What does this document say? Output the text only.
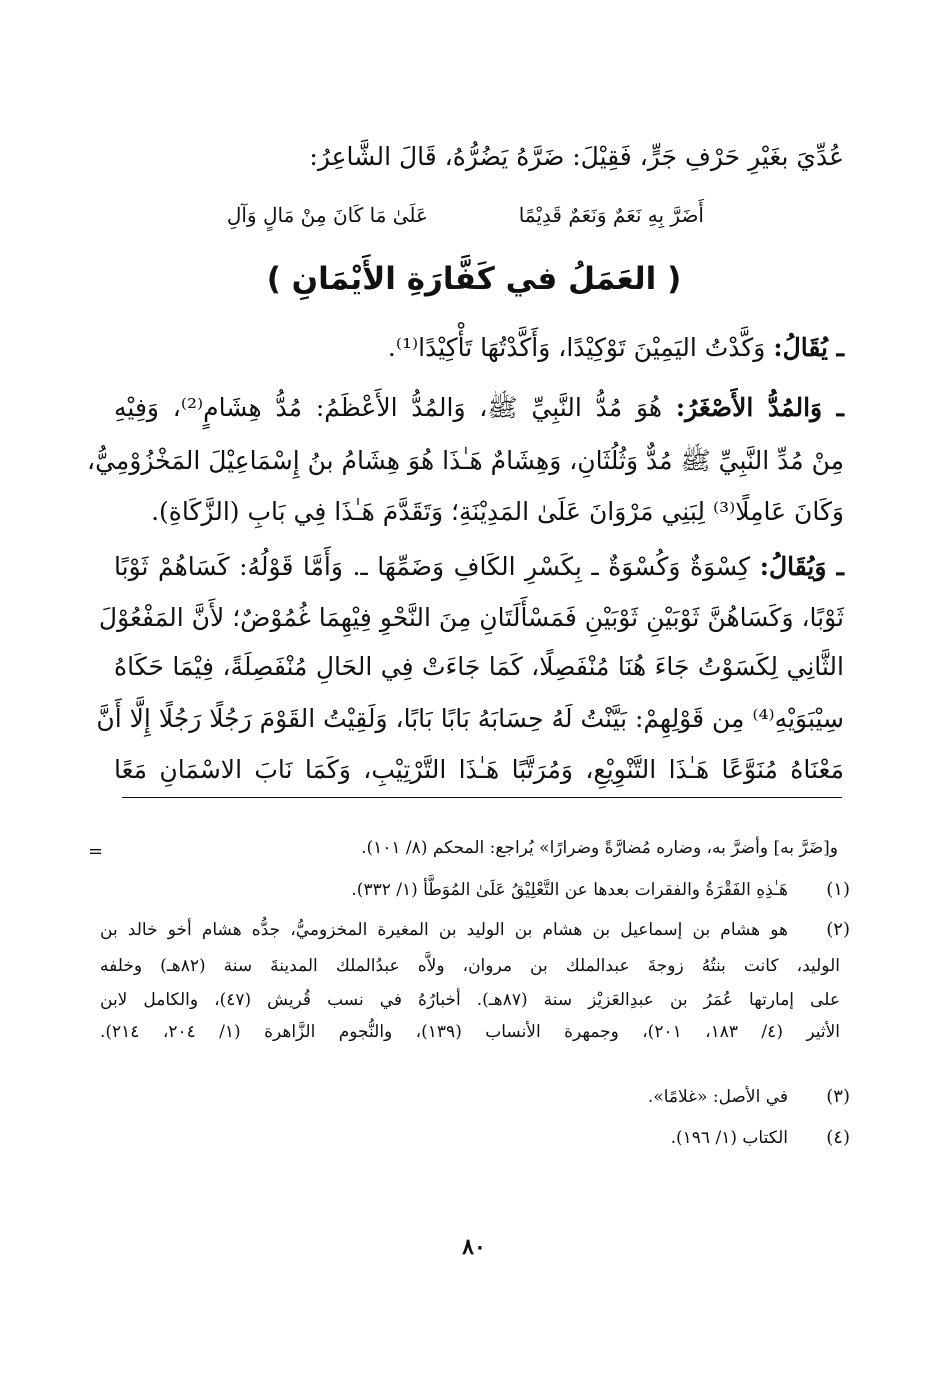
عُدِّيَ بغَيْرِ حَرْفِ جَرٍّ، فَقِيْلَ: ضَرَّهُ يَضُرُّهُ، قَالَ الشَّاعِرُ:
أَضَرَّ بِهِ نَعَمٌ وَنَعَمٌ قَدِيْمًا
عَلَىٰ مَا كَانَ مِنْ مَالٍ وَآلِ
( العَمَلُ في كَفَّارَةِ الأَيْمَانِ )
ـ يُقَالُ: وَكَّدْتُ اليَمِيْنَ تَوْكِيْدًا، وَأَكَّدْتُهَا تَأْكِيْدًا⁽¹⁾.
ـ وَالمُدُّ الأَصْغَرُ: هُوَ مُدُّ النَّبِيِّ ﷺ، وَالمُدُّ الأَعْظَمُ: مُدُّ هِشَامٍ⁽²⁾، وَفِيْهِ
مِنْ مُدِّ النَّبِيِّ ﷺ مُدٌّ وَثُلُثَانِ، وَهِشَامٌ هَـٰذَا هُوَ هِشَامُ بنُ إِسْمَاعِيْلَ المَخْزُوْمِيُّ،
وَكَانَ عَامِلًا⁽³⁾ لِبَنِي مَرْوَانَ عَلَىٰ المَدِيْنَةِ؛ وَتَقَدَّمَ هَـٰذَا فِي بَابِ (الزَّكَاةِ).
ـ وَيُقَالُ: كِسْوَةٌ وَكُسْوَةٌ ـ بِكَسْرِ الكَافِ وَضَمِّهَا ـ. وَأَمَّا قَوْلُهُ: كَسَاهُمْ ثَوْبًا
ثَوْبًا، وَكَسَاهُنَّ ثَوْبَيْنِ ثَوْبَيْنِ فَمَسْأَلَتَانِ مِنَ النَّحْوِ فِيْهِمَا غُمُوْضٌ؛ لأَنَّ المَفْعُوْلَ
الثَّانِي لِكَسَوْتُ جَاءَ هُنَا مُنْفَصِلًا، كَمَا جَاءَتْ فِي الحَالِ مُنْفَصِلَةً، فِيْمَا حَكَاهُ
سِيْبَوَيْهِ⁽⁴⁾ مِن قَوْلِهِمْ: بَيَّنْتُ لَهُ حِسَابَهُ بَابًا بَابًا، وَلَقِيْتُ القَوْمَ رَجُلًا رَجُلًا إِلَّا أَنَّ
مَعْنَاهُ مُنَوَّعًا هَـٰذَا التَّنْوِيْعِ، وَمُرَتَّبًا هَـٰذَا التَّرْتِيْبِ، وَكَمَا نَابَ الاسْمَانِ مَعًا
=	و[ضَرَّ به] وأضرَّ به، وضاره مُضارَّةً وضرارًا» يُراجع: المحكم (٨/ ١٠١).
(١)
هَـٰذِهِ الفَقْرَةُ والفقرات بعدها عن التَّعْلِيْقُ عَلَىٰ المُوَطَّأ (١/ ٣٣٢).
(٢)
هو هشام بن إسماعيل بن هشام بن الوليد بن المغيرة المخزوميُّ، جدُّه هشام أخو خالد بن
الوليد، كانت بنتُهُ زوجةَ عبدالملك بن مروان، ولاَّه عبدُالملك المدينةَ سنة (٨٢هـ) وخلفه
على إمارتها عُمَرُ بن عبدِالعَزيْز سنة (٨٧هـ). أخبارُهُ في نسب قُريش (٤٧)، والكامل لابن
الأثير (٤/ ١٨٣، ٢٠١)، وجمهرة الأنساب (١٣٩)، والنُّجوم الزَّاهرة (١/ ٢٠٤، ٢١٤).
(٣)
في الأصل: «غلامًا».
(٤)
الكتاب (١/ ١٩٦).
٨٠
